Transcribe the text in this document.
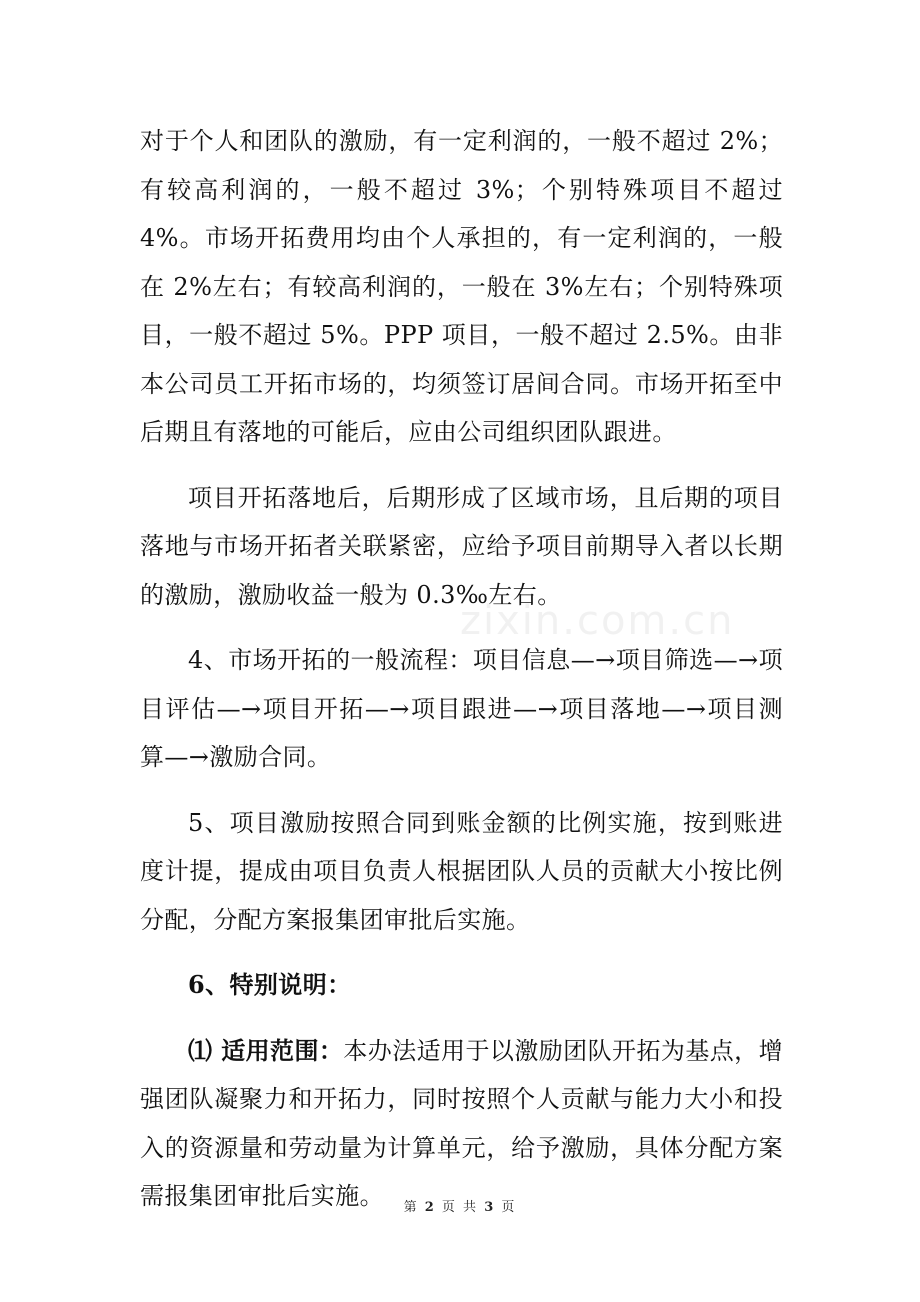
zixin.com.cn

对于个人和团队的激励，有一定利润的，一般不超过 2%；有较高利润的，一般不超过 3%；个别特殊项目不超过 4%。市场开拓费用均由个人承担的，有一定利润的，一般在 2%左右；有较高利润的，一般在 3%左右；个别特殊项目，一般不超过 5%。PPP 项目，一般不超过 2.5%。由非本公司员工开拓市场的，均须签订居间合同。市场开拓至中后期且有落地的可能后，应由公司组织团队跟进。

项目开拓落地后，后期形成了区域市场，且后期的项目落地与市场开拓者关联紧密，应给予项目前期导入者以长期的激励，激励收益一般为 0.3‰左右。

4、市场开拓的一般流程：项目信息—→项目筛选—→项目评估—→项目开拓—→项目跟进—→项目落地—→项目测算—→激励合同。

5、项目激励按照合同到账金额的比例实施，按到账进度计提，提成由项目负责人根据团队人员的贡献大小按比例分配，分配方案报集团审批后实施。

6、特别说明：

⑴ 适用范围：本办法适用于以激励团队开拓为基点，增强团队凝聚力和开拓力，同时按照个人贡献与能力大小和投入的资源量和劳动量为计算单元，给予激励，具体分配方案需报集团审批后实施。	第 2 页 共 3 页
